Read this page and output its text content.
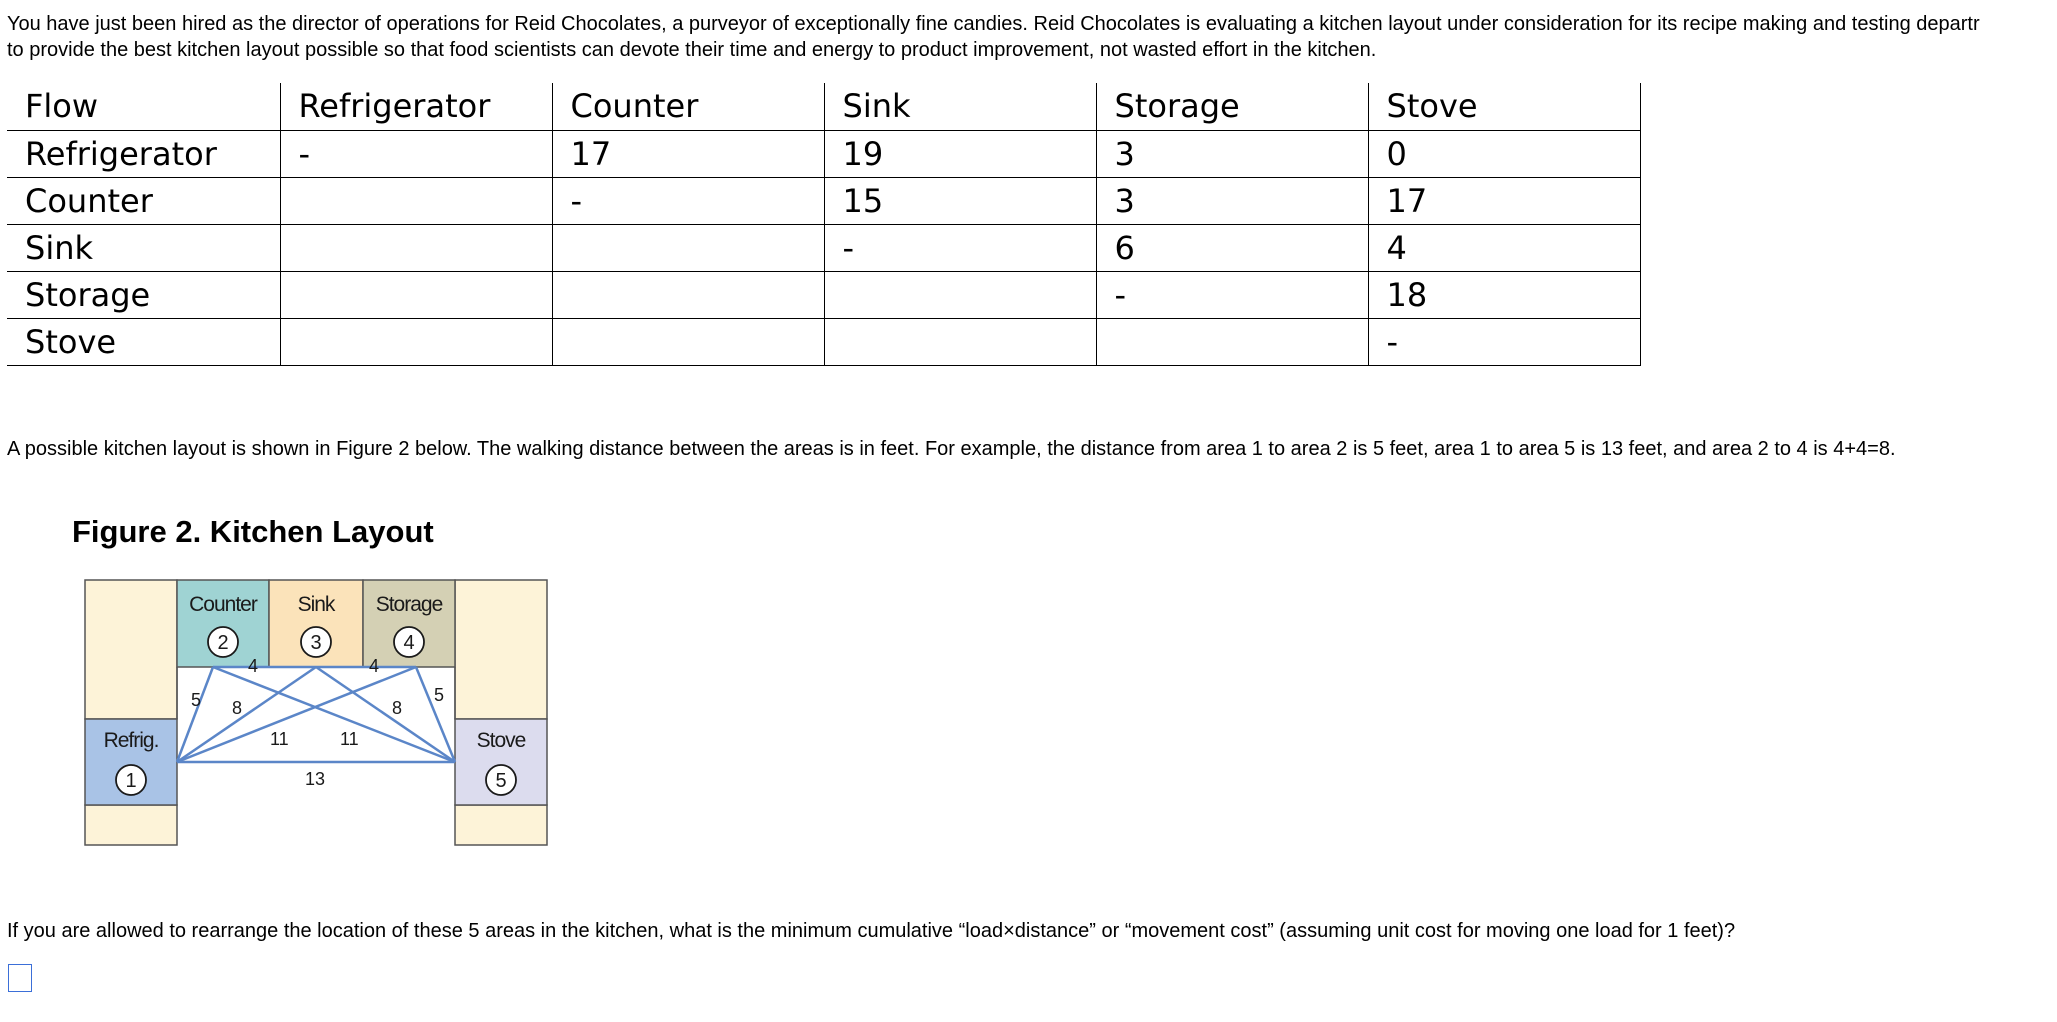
You have just been hired as the director of operations for Reid Chocolates, a purveyor of exceptionally fine candies. Reid Chocolates is evaluating a kitchen layout under consideration for its recipe making and testing departr
to provide the best kitchen layout possible so that food scientists can devote their time and energy to product improvement, not wasted effort in the kitchen.

Flow	Refrigerator	Counter	Sink	Storage	Stove
Refrigerator	-	17	19	3	0
Counter		-	15	3	17
Sink			-	6	4
Storage				-	18
Stove					-

A possible kitchen layout is shown in Figure 2 below. The walking distance between the areas is in feet. For example, the distance from area 1 to area 2 is 5 feet, area 1 to area 5 is 13 feet, and area 2 to 4 is 4+4=8.

Figure 2. Kitchen Layout
Refrig.
Counter Sink Storage
Stove
1
2	3	4
5
5 8
4	4
8
5
11	11
13

If you are allowed to rearrange the location of these 5 areas in the kitchen, what is the minimum cumulative “load×distance” or “movement cost” (assuming unit cost for moving one load for 1 feet)?
